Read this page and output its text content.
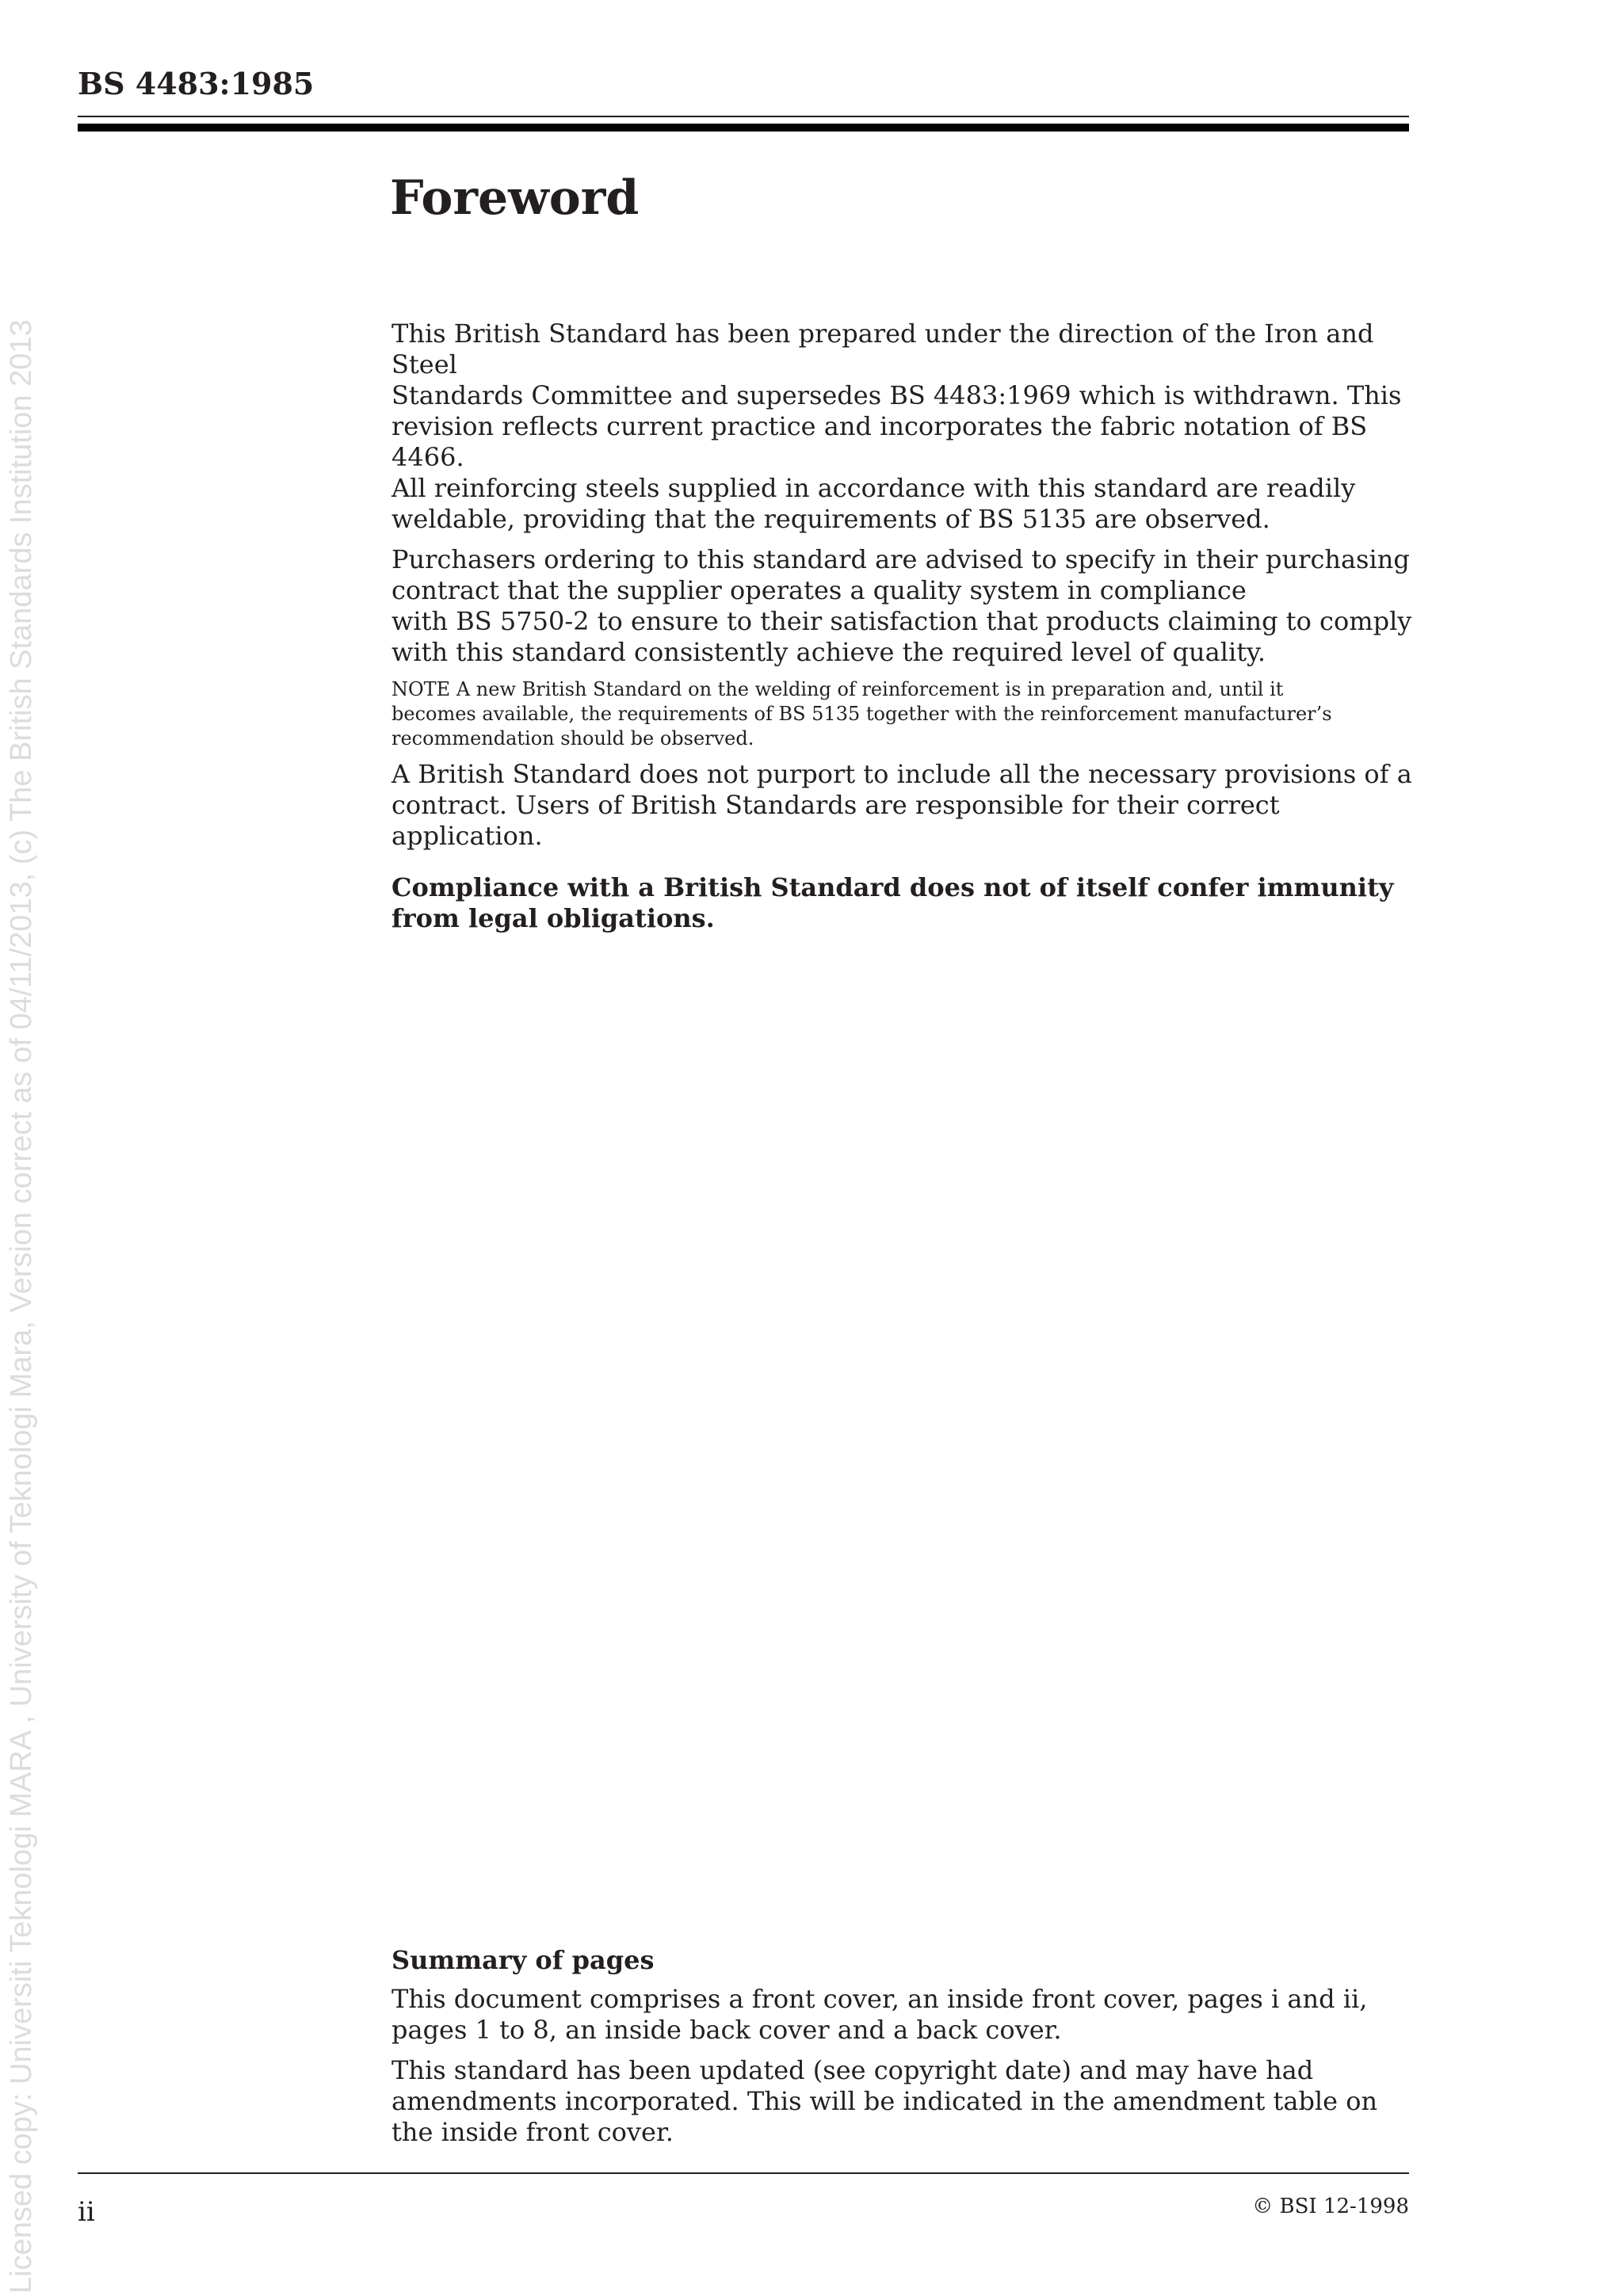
Licensed copy: Universiti Teknologi MARA , University of Teknologi Mara, Version correct as of 04/11/2013, (c) The British Standards Institution 2013
BS 4483:1985
Foreword

This British Standard has been prepared under the direction of the Iron and Steel
Standards Committee and supersedes BS 4483:1969 which is withdrawn. This
revision reflects current practice and incorporates the fabric notation of BS 4466.
All reinforcing steels supplied in accordance with this standard are readily
weldable, providing that the requirements of BS 5135 are observed.

Purchasers ordering to this standard are advised to specify in their purchasing
contract that the supplier operates a quality system in compliance
with BS 5750-2 to ensure to their satisfaction that products claiming to comply
with this standard consistently achieve the required level of quality.

NOTE A new British Standard on the welding of reinforcement is in preparation and, until it
becomes available, the requirements of BS 5135 together with the reinforcement manufacturer’s
recommendation should be observed.

A British Standard does not purport to include all the necessary provisions of a
contract. Users of British Standards are responsible for their correct application.

Compliance with a British Standard does not of itself confer immunity
from legal obligations.

Summary of pages

This document comprises a front cover, an inside front cover, pages i and ii,
pages 1 to 8, an inside back cover and a back cover.

This standard has been updated (see copyright date) and may have had
amendments incorporated. This will be indicated in the amendment table on
the inside front cover.

ii	© BSI 12-1998
